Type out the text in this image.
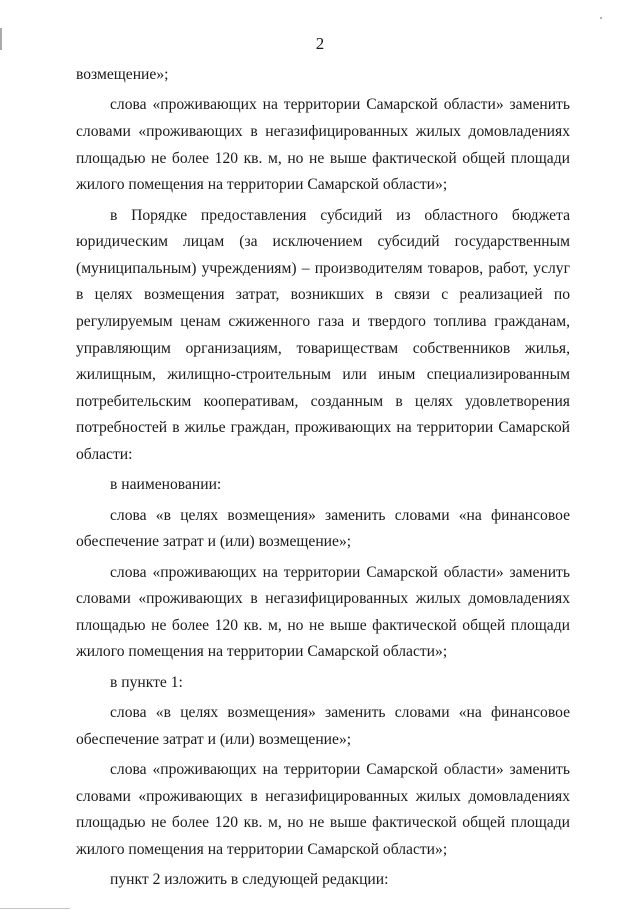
2

возмещение»;

слова «проживающих на территории Самарской области» заменить словами «проживающих в негазифицированных жилых домовладениях площадью не более 120 кв. м, но не выше фактической общей площади жилого помещения на территории Самарской области»;

в Порядке предоставления субсидий из областного бюджета юридическим лицам (за исключением субсидий государственным (муниципальным) учреждениям) – производителям товаров, работ, услуг в целях возмещения затрат, возникших в связи с реализацией по регулируемым ценам сжиженного газа и твердого топлива гражданам, управляющим организациям, товариществам собственников жилья, жилищным, жилищно-строительным или иным специализированным потребительским кооперативам, созданным в целях удовлетворения потребностей в жилье граждан, проживающих на территории Самарской области:

в наименовании:

слова «в целях возмещения» заменить словами «на финансовое обеспечение затрат и (или) возмещение»;

слова «проживающих на территории Самарской области» заменить словами «проживающих в негазифицированных жилых домовладениях площадью не более 120 кв. м, но не выше фактической общей площади жилого помещения на территории Самарской области»;

в пункте 1:

слова «в целях возмещения» заменить словами «на финансовое обеспечение затрат и (или) возмещение»;

слова «проживающих на территории Самарской области» заменить словами «проживающих в негазифицированных жилых домовладениях площадью не более 120 кв. м, но не выше фактической общей площади жилого помещения на территории Самарской области»;

пункт 2 изложить в следующей редакции:
